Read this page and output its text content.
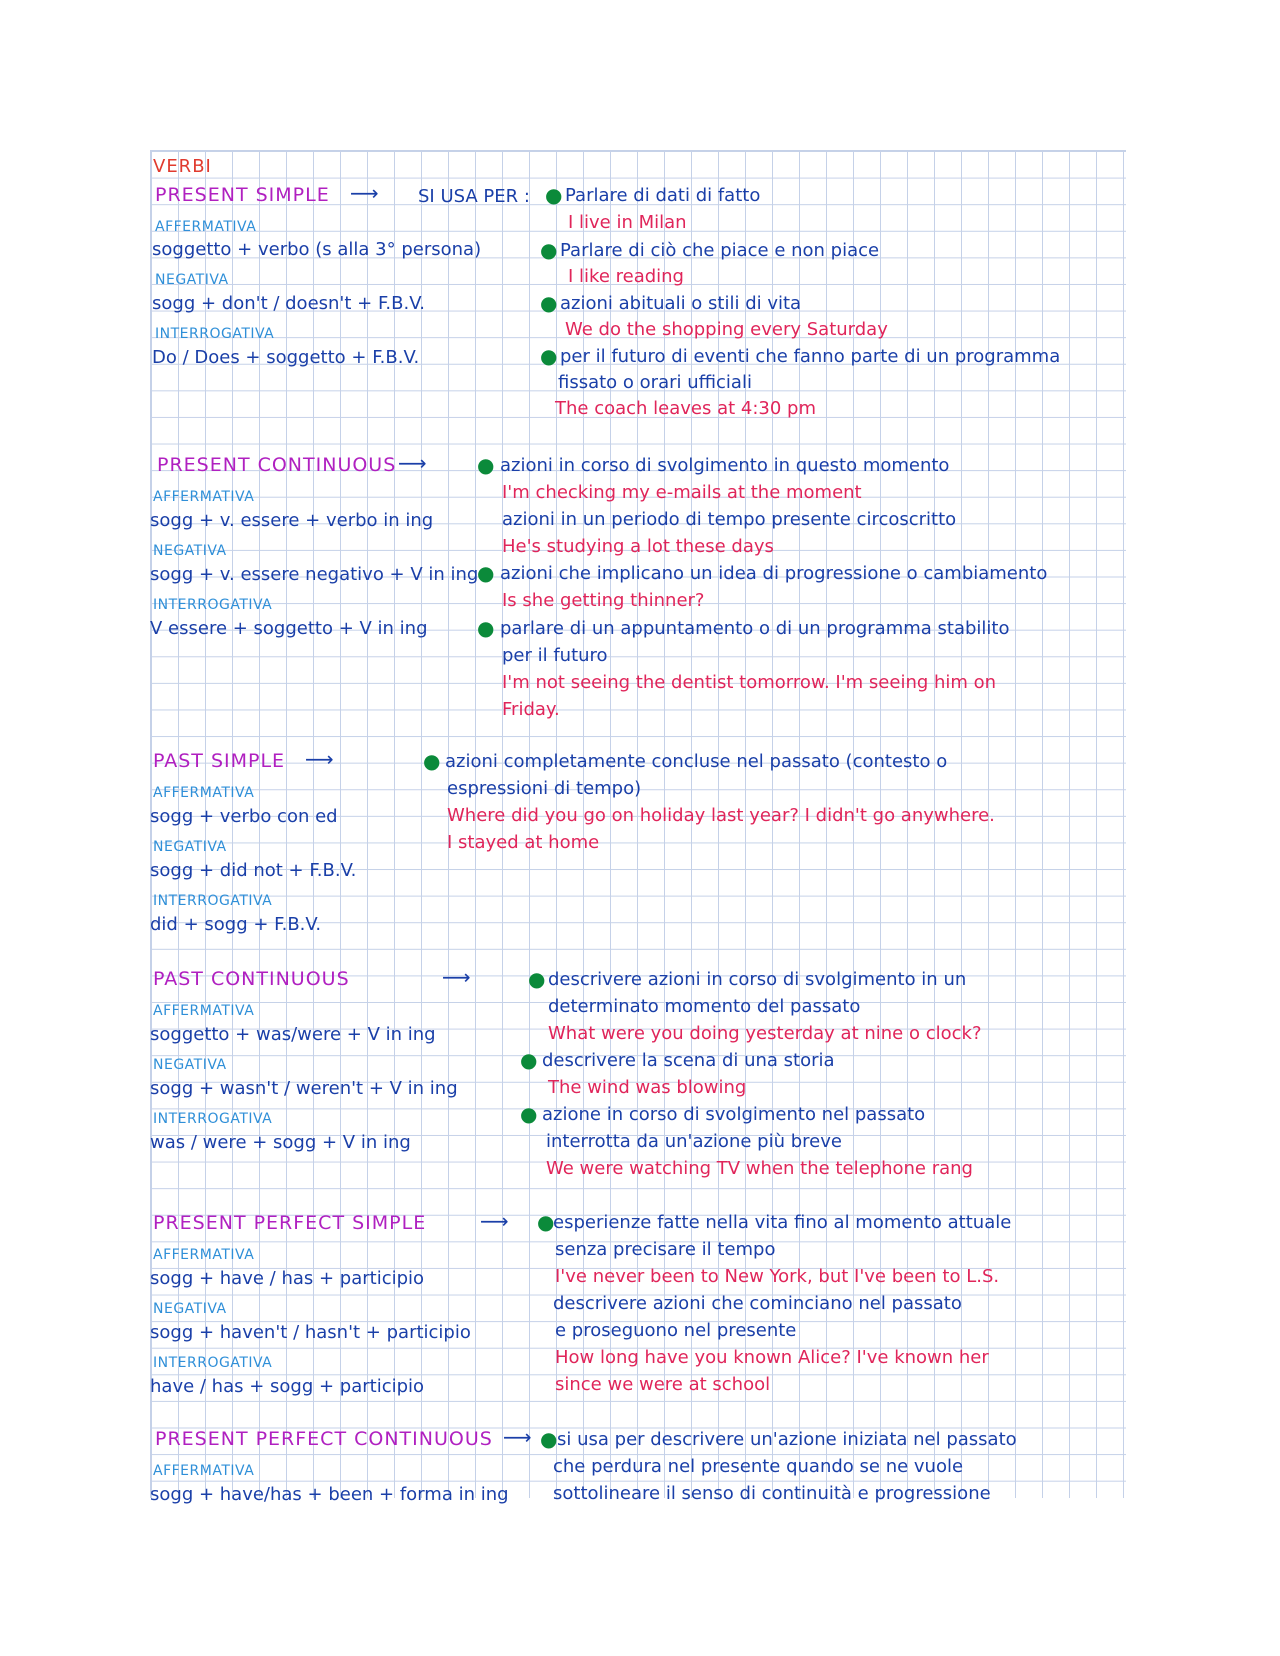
VERBI
PRESENT SIMPLE ⟶ SI USA PER :
AFFERMATIVA
soggetto + verbo (s alla 3° persona)
NEGATIVA
sogg + don't / doesn't + F.B.V.
INTERROGATIVA
Do / Does + soggetto + F.B.V.
● Parlare di dati di fatto
I live in Milan
● Parlare di ciò che piace e non piace
I like reading
● azioni abituali o stili di vita
We do the shopping every Saturday
● per il futuro di eventi che fanno parte di un programma
fissato o orari ufficiali
The coach leaves at 4:30 pm
PRESENT CONTINUOUS ⟶
AFFERMATIVA
sogg + v. essere + verbo in ing
NEGATIVA
sogg + v. essere negativo + V in ing
INTERROGATIVA
V essere + soggetto + V in ing
● azioni in corso di svolgimento in questo momento
I'm checking my e-mails at the moment
azioni in un periodo di tempo presente circoscritto
He's studying a lot these days
● azioni che implicano un idea di progressione o cambiamento
Is she getting thinner?
● parlare di un appuntamento o di un programma stabilito
per il futuro
I'm not seeing the dentist tomorrow. I'm seeing him on
Friday.
PAST SIMPLE ⟶
AFFERMATIVA
sogg + verbo con ed
NEGATIVA
sogg + did not + F.B.V.
INTERROGATIVA
did + sogg + F.B.V.
● azioni completamente concluse nel passato (contesto o
espressioni di tempo)
Where did you go on holiday last year? I didn't go anywhere.
I stayed at home
PAST CONTINUOUS	⟶
AFFERMATIVA
soggetto + was/were + V in ing
NEGATIVA
sogg + wasn't / weren't + V in ing
INTERROGATIVA
was / were + sogg + V in ing
● descrivere azioni in corso di svolgimento in un
determinato momento del passato
What were you doing yesterday at nine o clock?
● descrivere la scena di una storia
The wind was blowing
● azione in corso di svolgimento nel passato
interrotta da un'azione più breve
We were watching TV when the telephone rang
PRESENT PERFECT SIMPLE	⟶
AFFERMATIVA
sogg + have / has + participio
NEGATIVA
sogg + haven't / hasn't + participio
INTERROGATIVA
have / has + sogg + participio
●
esperienze fatte nella vita fino al momento attuale
senza precisare il tempo
I've never been to New York, but I've been to L.S.
descrivere azioni che cominciano nel passato
e proseguono nel presente
How long have you known Alice? I've known her
since we were at school
PRESENT PERFECT CONTINUOUS ⟶
AFFERMATIVA
sogg + have/has + been + forma in ing
● si usa per descrivere un'azione iniziata nel passato
che perdura nel presente quando se ne vuole
sottolineare il senso di continuità e progressione
